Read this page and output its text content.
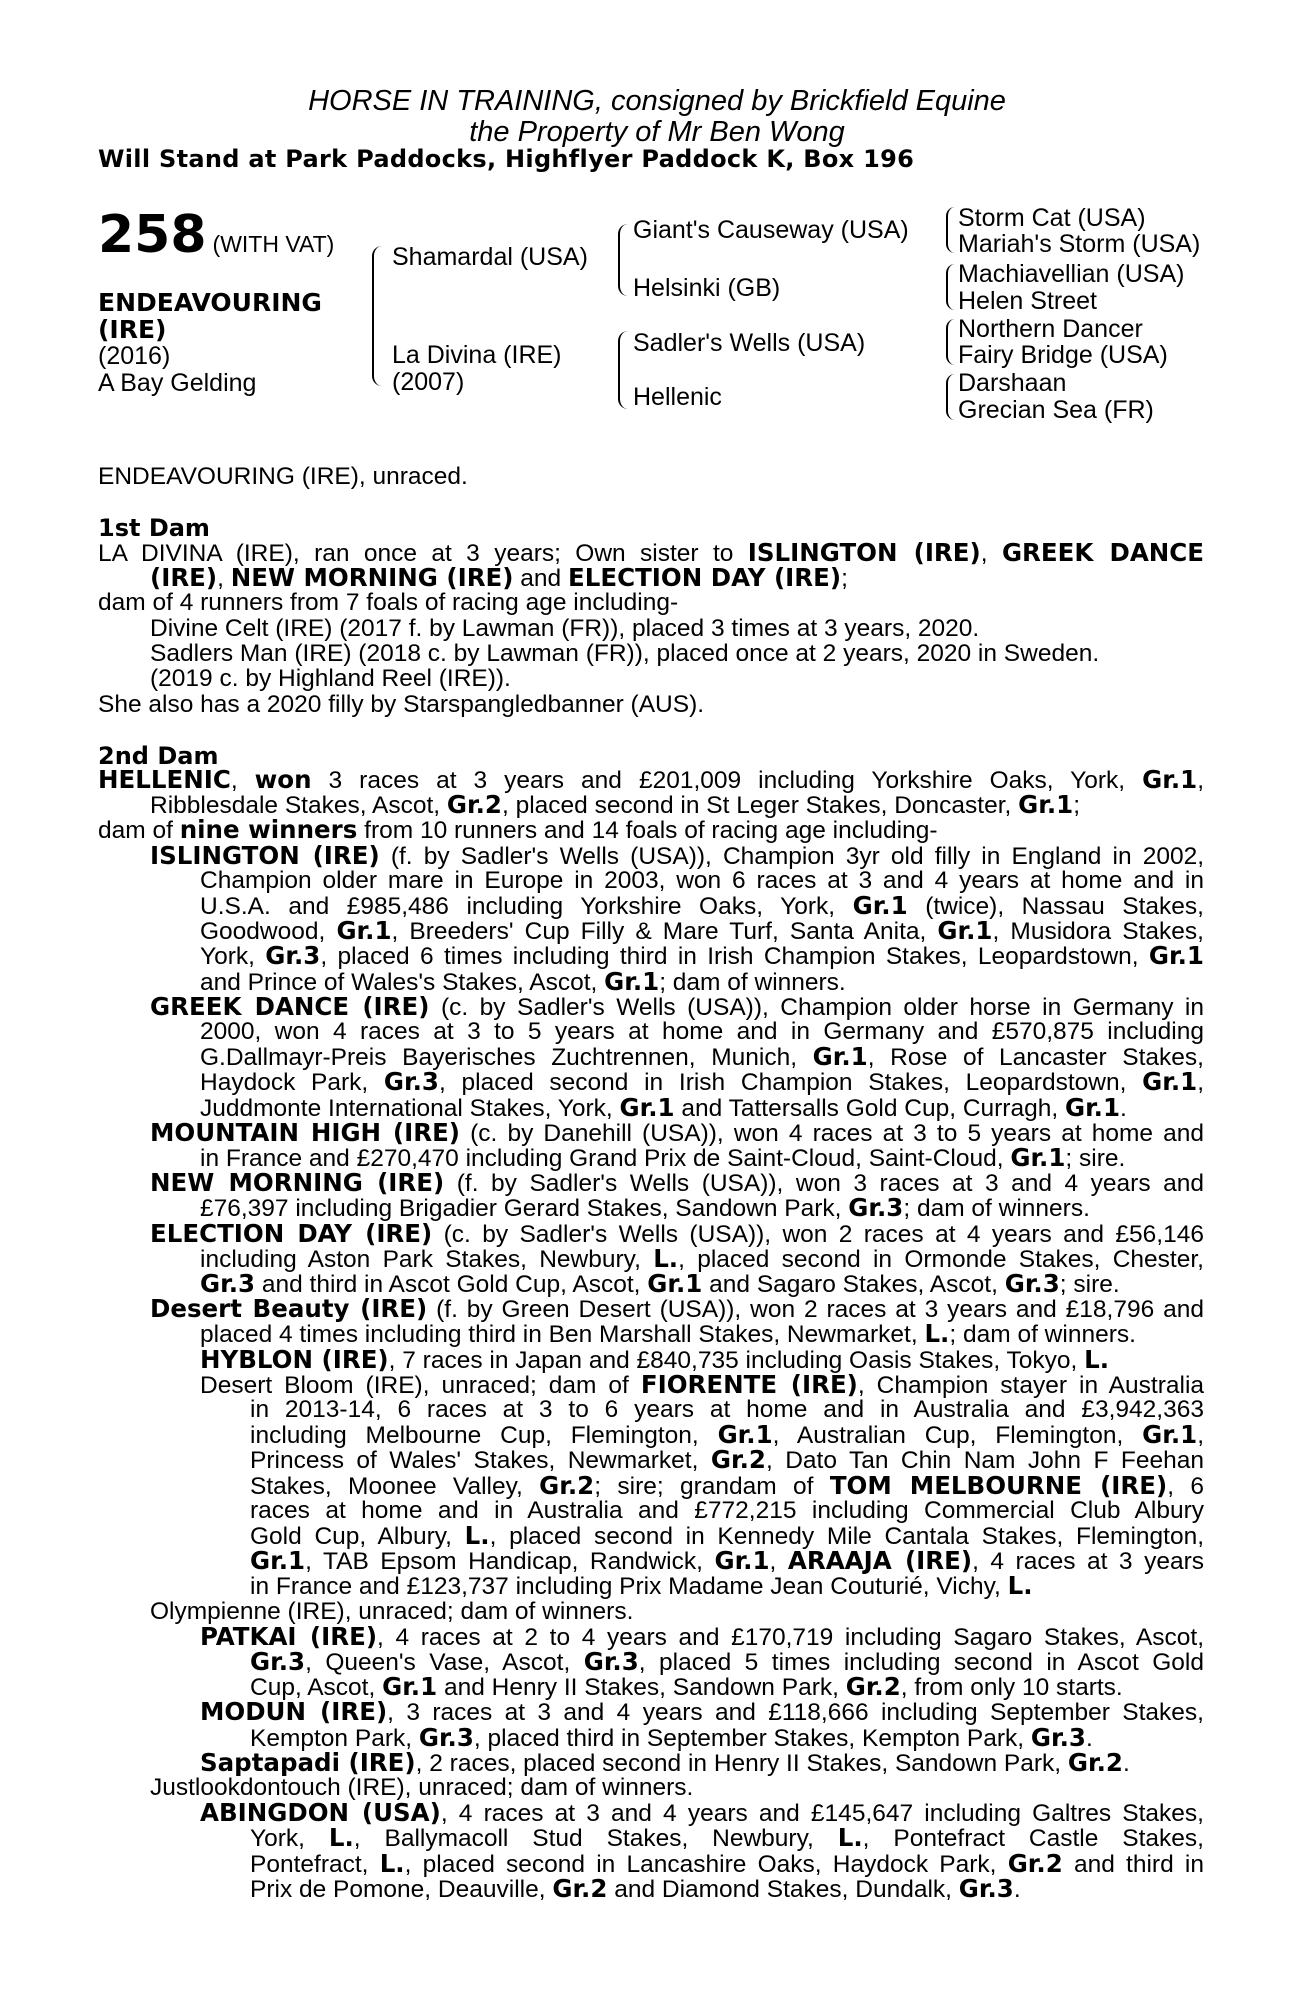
HORSE IN TRAINING, consigned by Brickfield Equine
the Property of Mr Ben Wong
Will Stand at Park Paddocks, Highflyer Paddock K, Box 196
258 (WITH VAT)
ENDEAVOURING
(IRE)
(2016)
A Bay Gelding
Shamardal (USA)
La Divina (IRE)
(2007)
Giant's Causeway (USA)
Helsinki (GB)
Sadler's Wells (USA)
Hellenic
Storm Cat (USA)
Mariah's Storm (USA)
Machiavellian (USA)
Helen Street
Northern Dancer
Fairy Bridge (USA)
Darshaan
Grecian Sea (FR)
ENDEAVOURING (IRE), unraced.
1st Dam
LA DIVINA (IRE), ran once at 3 years; Own sister to ISLINGTON (IRE), GREEK DANCE
(IRE), NEW MORNING (IRE) and ELECTION DAY (IRE);
dam of 4 runners from 7 foals of racing age including-
Divine Celt (IRE) (2017 f. by Lawman (FR)), placed 3 times at 3 years, 2020.
Sadlers Man (IRE) (2018 c. by Lawman (FR)), placed once at 2 years, 2020 in Sweden.
(2019 c. by Highland Reel (IRE)).
She also has a 2020 filly by Starspangledbanner (AUS).
2nd Dam
HELLENIC, won 3 races at 3 years and £201,009 including Yorkshire Oaks, York, Gr.1,
Ribblesdale Stakes, Ascot, Gr.2, placed second in St Leger Stakes, Doncaster, Gr.1;
dam of nine winners from 10 runners and 14 foals of racing age including-
ISLINGTON (IRE) (f. by Sadler's Wells (USA)), Champion 3yr old filly in England in 2002,
Champion older mare in Europe in 2003, won 6 races at 3 and 4 years at home and in
U.S.A. and £985,486 including Yorkshire Oaks, York, Gr.1 (twice), Nassau Stakes,
Goodwood, Gr.1, Breeders' Cup Filly & Mare Turf, Santa Anita, Gr.1, Musidora Stakes,
York, Gr.3, placed 6 times including third in Irish Champion Stakes, Leopardstown, Gr.1
and Prince of Wales's Stakes, Ascot, Gr.1; dam of winners.
GREEK DANCE (IRE) (c. by Sadler's Wells (USA)), Champion older horse in Germany in
2000, won 4 races at 3 to 5 years at home and in Germany and £570,875 including
G.Dallmayr-Preis Bayerisches Zuchtrennen, Munich, Gr.1, Rose of Lancaster Stakes,
Haydock Park, Gr.3, placed second in Irish Champion Stakes, Leopardstown, Gr.1,
Juddmonte International Stakes, York, Gr.1 and Tattersalls Gold Cup, Curragh, Gr.1.
MOUNTAIN HIGH (IRE) (c. by Danehill (USA)), won 4 races at 3 to 5 years at home and
in France and £270,470 including Grand Prix de Saint-Cloud, Saint-Cloud, Gr.1; sire.
NEW MORNING (IRE) (f. by Sadler's Wells (USA)), won 3 races at 3 and 4 years and
£76,397 including Brigadier Gerard Stakes, Sandown Park, Gr.3; dam of winners.
ELECTION DAY (IRE) (c. by Sadler's Wells (USA)), won 2 races at 4 years and £56,146
including Aston Park Stakes, Newbury, L., placed second in Ormonde Stakes, Chester,
Gr.3 and third in Ascot Gold Cup, Ascot, Gr.1 and Sagaro Stakes, Ascot, Gr.3; sire.
Desert Beauty (IRE) (f. by Green Desert (USA)), won 2 races at 3 years and £18,796 and
placed 4 times including third in Ben Marshall Stakes, Newmarket, L.; dam of winners.
HYBLON (IRE), 7 races in Japan and £840,735 including Oasis Stakes, Tokyo, L.
Desert Bloom (IRE), unraced; dam of FIORENTE (IRE), Champion stayer in Australia
in 2013-14, 6 races at 3 to 6 years at home and in Australia and £3,942,363
including Melbourne Cup, Flemington, Gr.1, Australian Cup, Flemington, Gr.1,
Princess of Wales' Stakes, Newmarket, Gr.2, Dato Tan Chin Nam John F Feehan
Stakes, Moonee Valley, Gr.2; sire; grandam of TOM MELBOURNE (IRE), 6
races at home and in Australia and £772,215 including Commercial Club Albury
Gold Cup, Albury, L., placed second in Kennedy Mile Cantala Stakes, Flemington,
Gr.1, TAB Epsom Handicap, Randwick, Gr.1, ARAAJA (IRE), 4 races at 3 years
in France and £123,737 including Prix Madame Jean Couturié, Vichy, L.
Olympienne (IRE), unraced; dam of winners.
PATKAI (IRE), 4 races at 2 to 4 years and £170,719 including Sagaro Stakes, Ascot,
Gr.3, Queen's Vase, Ascot, Gr.3, placed 5 times including second in Ascot Gold
Cup, Ascot, Gr.1 and Henry II Stakes, Sandown Park, Gr.2, from only 10 starts.
MODUN (IRE), 3 races at 3 and 4 years and £118,666 including September Stakes,
Kempton Park, Gr.3, placed third in September Stakes, Kempton Park, Gr.3.
Saptapadi (IRE), 2 races, placed second in Henry II Stakes, Sandown Park, Gr.2.
Justlookdontouch (IRE), unraced; dam of winners.
ABINGDON (USA), 4 races at 3 and 4 years and £145,647 including Galtres Stakes,
York, L., Ballymacoll Stud Stakes, Newbury, L., Pontefract Castle Stakes,
Pontefract, L., placed second in Lancashire Oaks, Haydock Park, Gr.2 and third in
Prix de Pomone, Deauville, Gr.2 and Diamond Stakes, Dundalk, Gr.3.
